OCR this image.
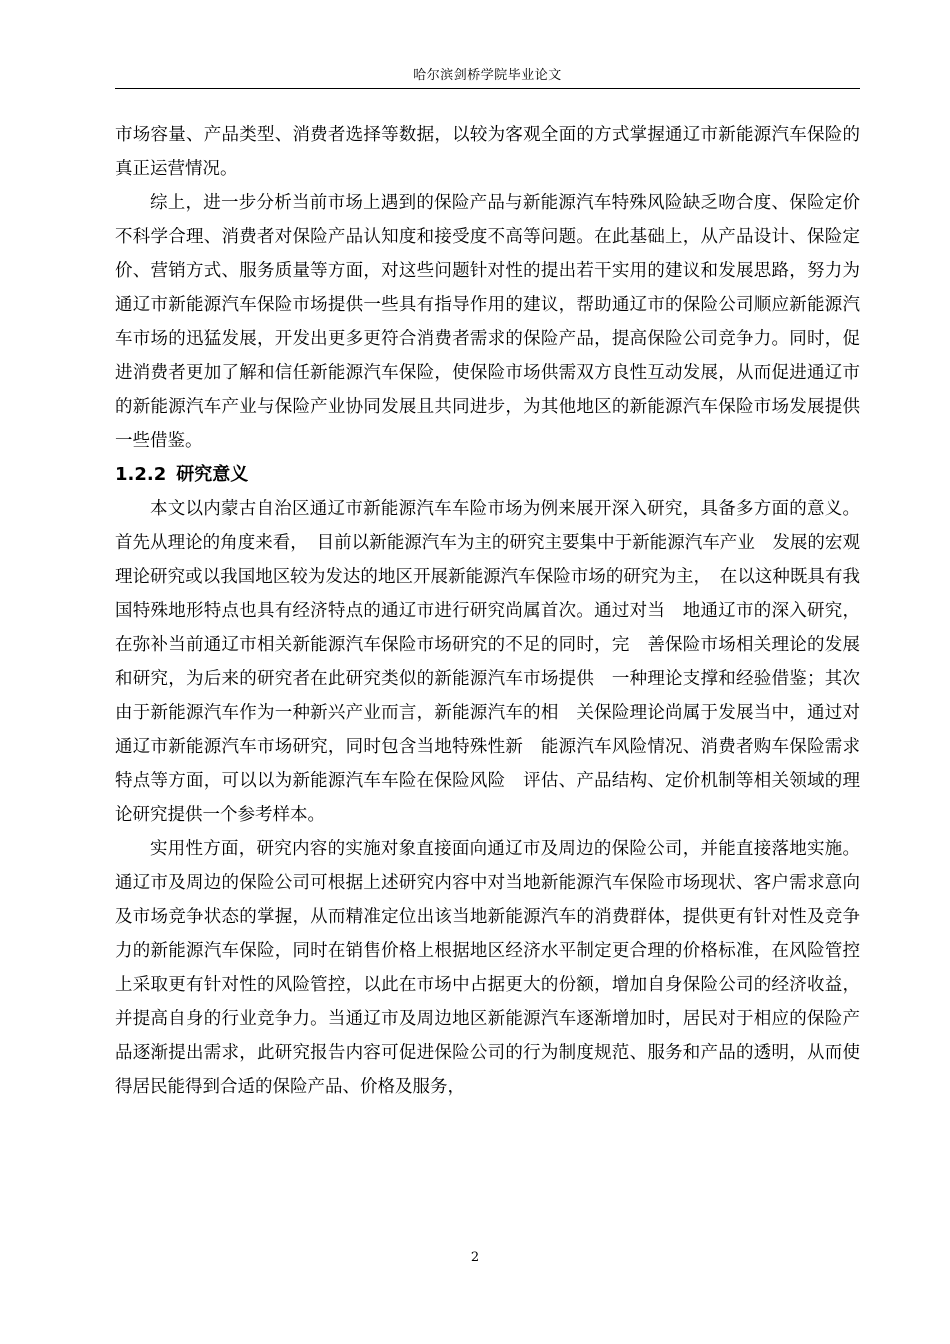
哈尔滨剑桥学院毕业论文

市场容量、产品类型、消费者选择等数据，以较为客观全面的方式掌握通辽市新能源汽车保险的真正运营情况。

综上，进一步分析当前市场上遇到的保险产品与新能源汽车特殊风险缺乏吻合度、保险定价不科学合理、消费者对保险产品认知度和接受度不高等问题。在此基础上，从产品设计、保险定价、营销方式、服务质量等方面，对这些问题针对性的提出若干实用的建议和发展思路，努力为通辽市新能源汽车保险市场提供一些具有指导作用的建议，帮助通辽市的保险公司顺应新能源汽车市场的迅猛发展，开发出更多更符合消费者需求的保险产品，提高保险公司竞争力。同时，促进消费者更加了解和信任新能源汽车保险，使保险市场供需双方良性互动发展，从而促进通辽市的新能源汽车产业与保险产业协同发展且共同进步，为其他地区的新能源汽车保险市场发展提供一些借鉴。

1.2.2 研究意义

本文以内蒙古自治区通辽市新能源汽车车险市场为例来展开深入研究，具备多方面的意义。首先从理论的角度来看，　目前以新能源汽车为主的研究主要集中于新能源汽车产业　发展的宏观理论研究或以我国地区较为发达的地区开展新能源汽车保险市场的研究为主，　在以这种既具有我国特殊地形特点也具有经济特点的通辽市进行研究尚属首次。通过对当　地通辽市的深入研究，在弥补当前通辽市相关新能源汽车保险市场研究的不足的同时，完　善保险市场相关理论的发展和研究，为后来的研究者在此研究类似的新能源汽车市场提供　一种理论支撑和经验借鉴；其次由于新能源汽车作为一种新兴产业而言，新能源汽车的相　关保险理论尚属于发展当中，通过对通辽市新能源汽车市场研究，同时包含当地特殊性新　能源汽车风险情况、消费者购车保险需求特点等方面，可以以为新能源汽车车险在保险风险　评估、产品结构、定价机制等相关领域的理论研究提供一个参考样本。

实用性方面，研究内容的实施对象直接面向通辽市及周边的保险公司，并能直接落地实施。通辽市及周边的保险公司可根据上述研究内容中对当地新能源汽车保险市场现状、客户需求意向及市场竞争状态的掌握，从而精准定位出该当地新能源汽车的消费群体，提供更有针对性及竞争力的新能源汽车保险，同时在销售价格上根据地区经济水平制定更合理的价格标准，在风险管控上采取更有针对性的风险管控，以此在市场中占据更大的份额，增加自身保险公司的经济收益，并提高自身的行业竞争力。当通辽市及周边地区新能源汽车逐渐增加时，居民对于相应的保险产品逐渐提出需求，此研究报告内容可促进保险公司的行为制度规范、服务和产品的透明，从而使得居民能得到合适的保险产品、价格及服务，

2
